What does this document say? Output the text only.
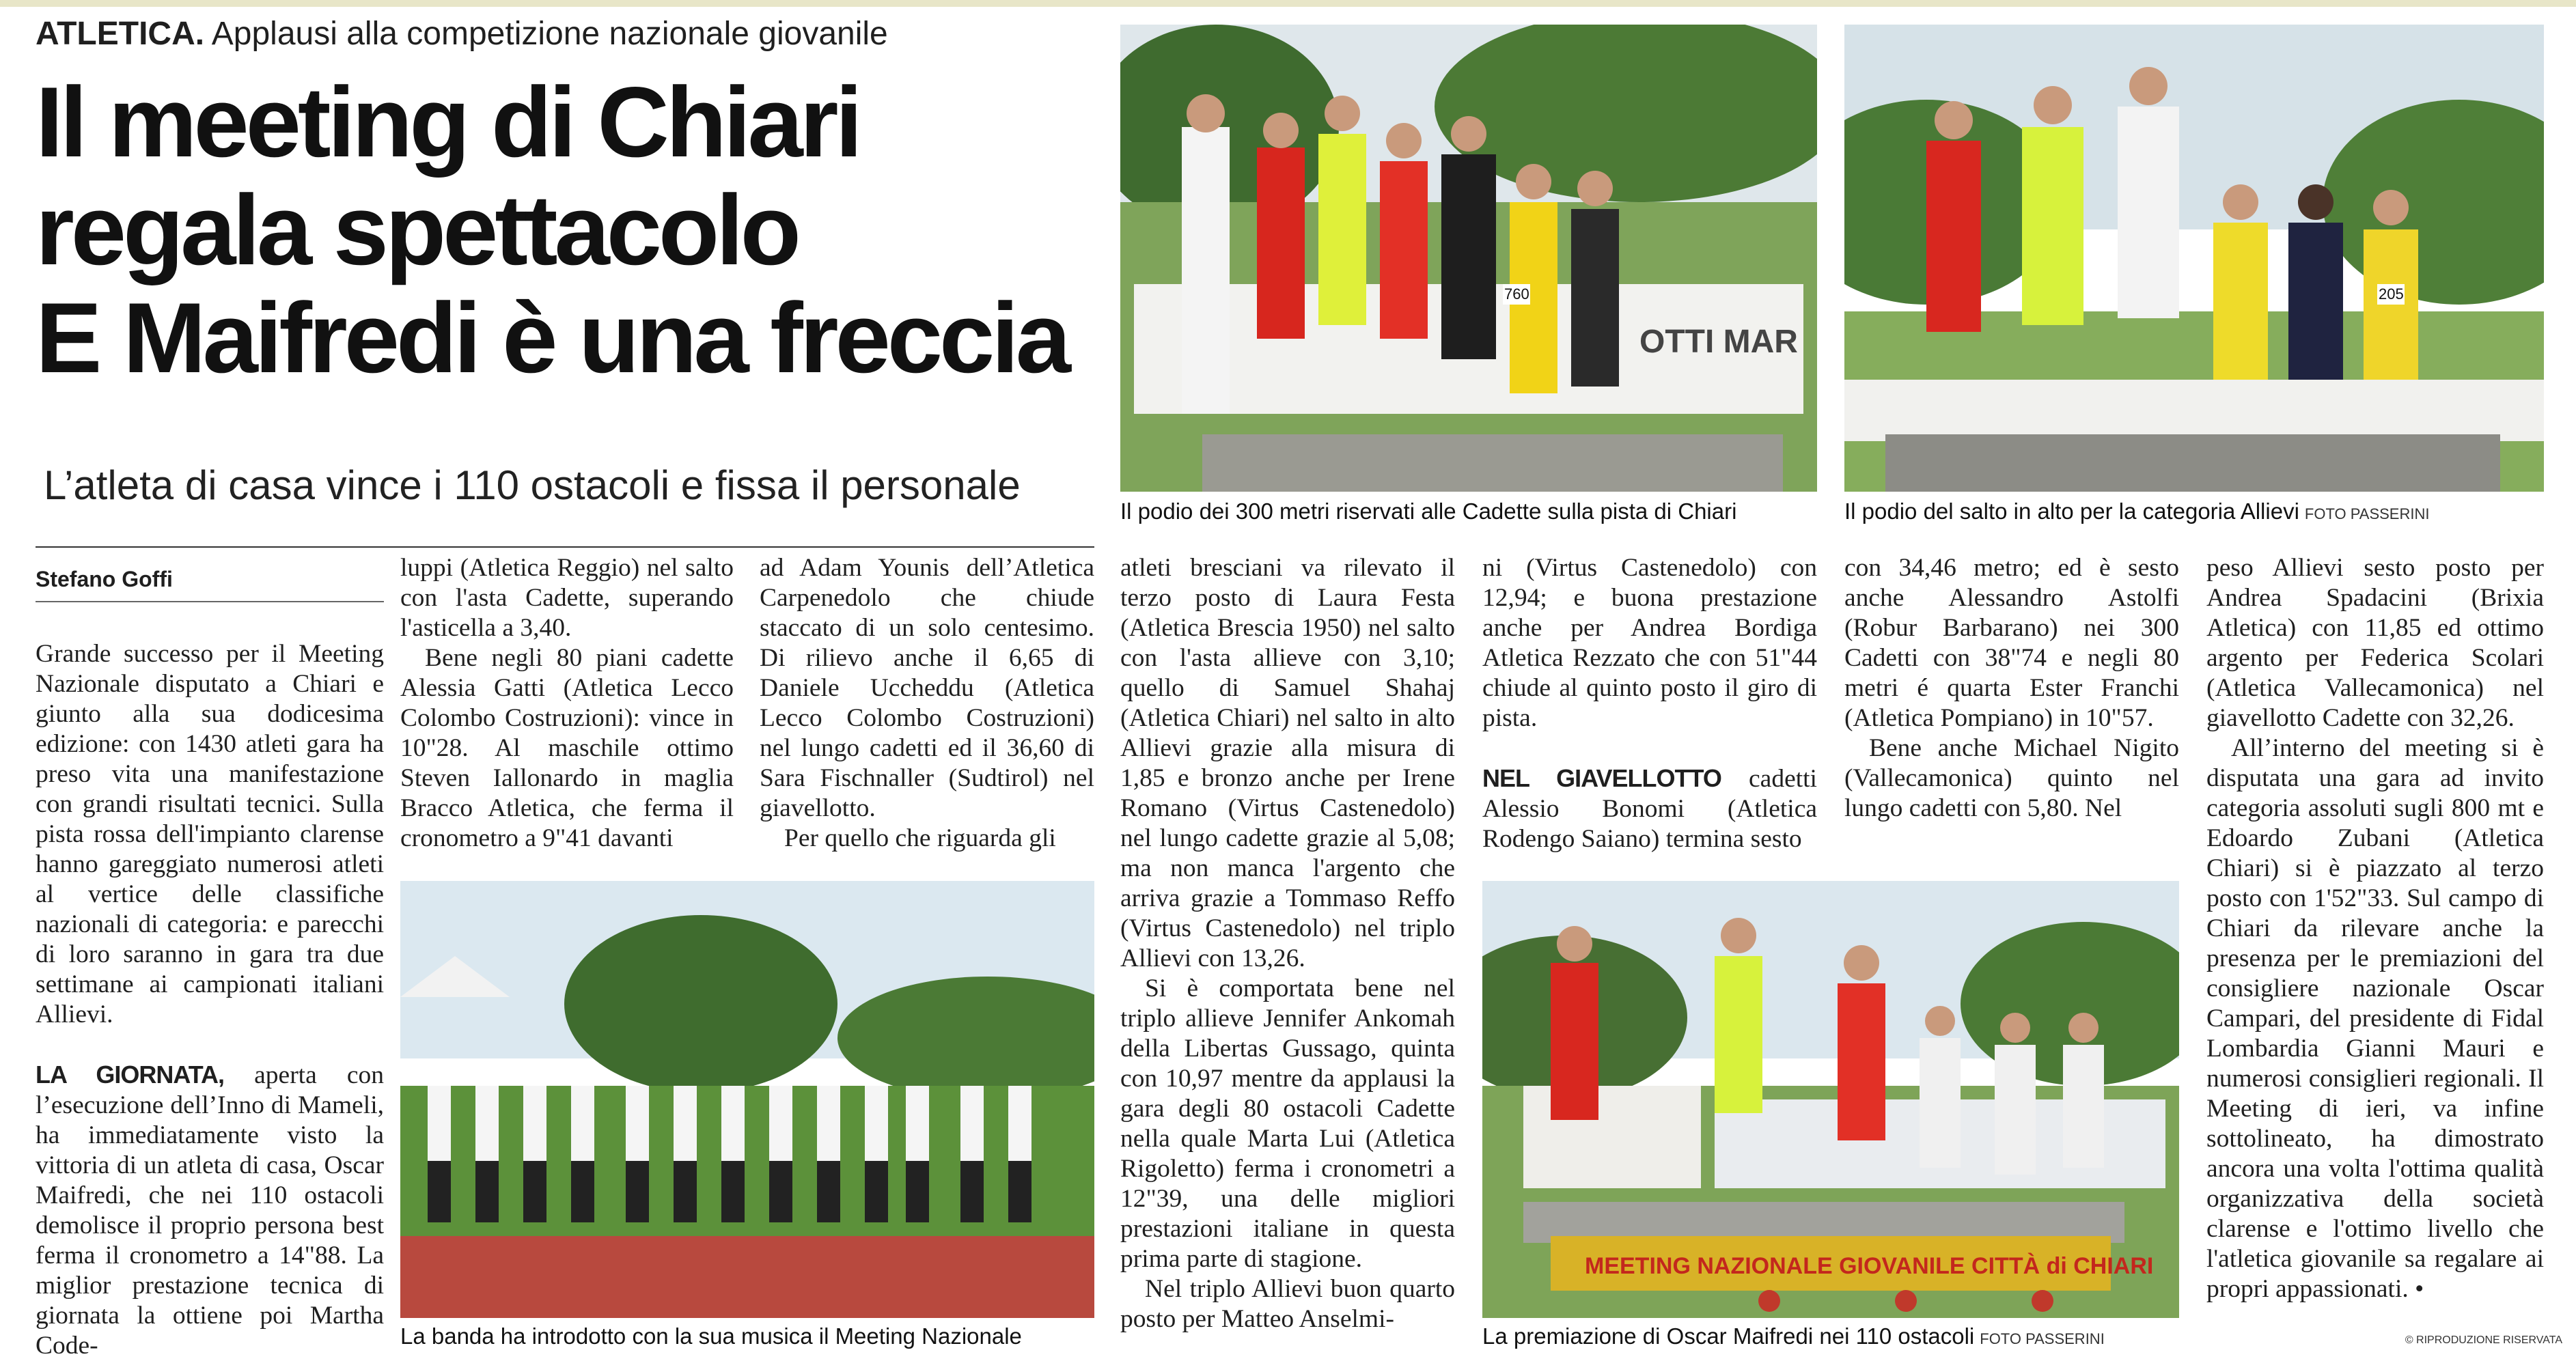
ATLETICA. Applausi alla competizione nazionale giovanile
Il meeting di Chiari
regala spettacolo
E Maifredi è una freccia
L’atleta di casa vince i 110 ostacoli e fissa il personale
Stefano Goffi

Grande successo per il Meeting Nazionale disputato a Chiari e giunto alla sua dodicesima edizione: con 1430 atleti gara ha preso vita una manifestazione con grandi risultati tecnici. Sulla pista rossa dell'impianto clarense hanno gareggiato numerosi atleti al vertice delle classifiche nazionali di categoria: e parecchi di loro saranno in gara tra due settimane ai campionati italiani Allievi.

LA GIORNATA, aperta con l’esecuzione dell’Inno di Mameli, ha immediatamente visto la vittoria di un atleta di casa, Oscar Maifredi, che nei 110 ostacoli demolisce il proprio persona best ferma il cronometro a 14"88. La miglior prestazione tecnica di giornata la ottiene poi Martha Code-

luppi (Atletica Reggio) nel salto con l'asta Cadette, superando l'asticella a 3,40.

Bene negli 80 piani cadette Alessia Gatti (Atletica Lecco Colombo Costruzioni): vince in 10"28. Al maschile ottimo Steven Iallonardo in maglia Bracco Atletica, che ferma il cronometro a 9"41 davanti

ad Adam Younis dell’Atletica Carpenedolo che chiude staccato di un solo centesimo. Di rilievo anche il 6,65 di Daniele Uccheddu (Atletica Lecco Colombo Costruzioni) nel lungo cadetti ed il 36,60 di Sara Fischnaller (Sudtirol) nel giavellotto.

Per quello che riguarda gli

atleti bresciani va rilevato il terzo posto di Laura Festa (Atletica Brescia 1950) nel salto con l'asta allieve con 3,10; quello di Samuel Shahaj (Atletica Chiari) nel salto in alto Allievi grazie alla misura di 1,85 e bronzo anche per Irene Romano (Virtus Castenedolo) nel lungo cadette grazie al 5,08; ma non manca l'argento che arriva grazie a Tommaso Reffo (Virtus Castenedolo) nel triplo Allievi con 13,26.

Si è comportata bene nel triplo allieve Jennifer Ankomah della Libertas Gussago, quinta con 10,97 mentre da applausi la gara degli 80 ostacoli Cadette nella quale Marta Lui (Atletica Rigoletto) ferma i cronometri a 12"39, una delle migliori prestazioni italiane in questa prima parte di stagione.

Nel triplo Allievi buon quarto posto per Matteo Anselmi-

ni (Virtus Castenedolo) con 12,94; e buona prestazione anche per Andrea Bordiga Atletica Rezzato che con 51"44 chiude al quinto posto il giro di pista.

NEL GIAVELLOTTO cadetti Alessio Bonomi (Atletica Rodengo Saiano) termina sesto

con 34,46 metro; ed è sesto anche Alessandro Astolfi (Robur Barbarano) nei 300 Cadetti con 38"74 e negli 80 metri é quarta Ester Franchi (Atletica Pompiano) in 10"57.

Bene anche Michael Nigito (Vallecamonica) quinto nel lungo cadetti con 5,80. Nel

peso Allievi sesto posto per Andrea Spadacini (Brixia Atletica) con 11,85 ed ottimo argento per Federica Scolari (Atletica Vallecamonica) nel giavellotto Cadette con 32,26.

All’interno del meeting si è disputata una gara ad invito categoria assoluti sugli 800 mt e Edoardo Zubani (Atletica Chiari) si è piazzato al terzo posto con 1'52"33. Sul campo di Chiari da rilevare anche la presenza per le premiazioni del consigliere nazionale Oscar Campari, del presidente di Fidal Lombardia Gianni Mauri e numerosi consiglieri regionali. Il Meeting di ieri, va infine sottolineato, ha dimostrato ancora una volta l'ottima qualità organizzativa della società clarense e l'ottimo livello che l'atletica giovanile sa regalare ai propri appassionati. •

OTTI MAR
760
Il podio dei 300 metri riservati alle Cadette sulla pista di Chiari
205
Il podio del salto in alto per la categoria Allievi FOTO PASSERINI
La banda ha introdotto con la sua musica il Meeting Nazionale
MEETING NAZIONALE GIOVANILE CITTÀ di CHIARI
La premiazione di Oscar Maifredi nei 110 ostacoli FOTO PASSERINI	© RIPRODUZIONE RISERVATA
